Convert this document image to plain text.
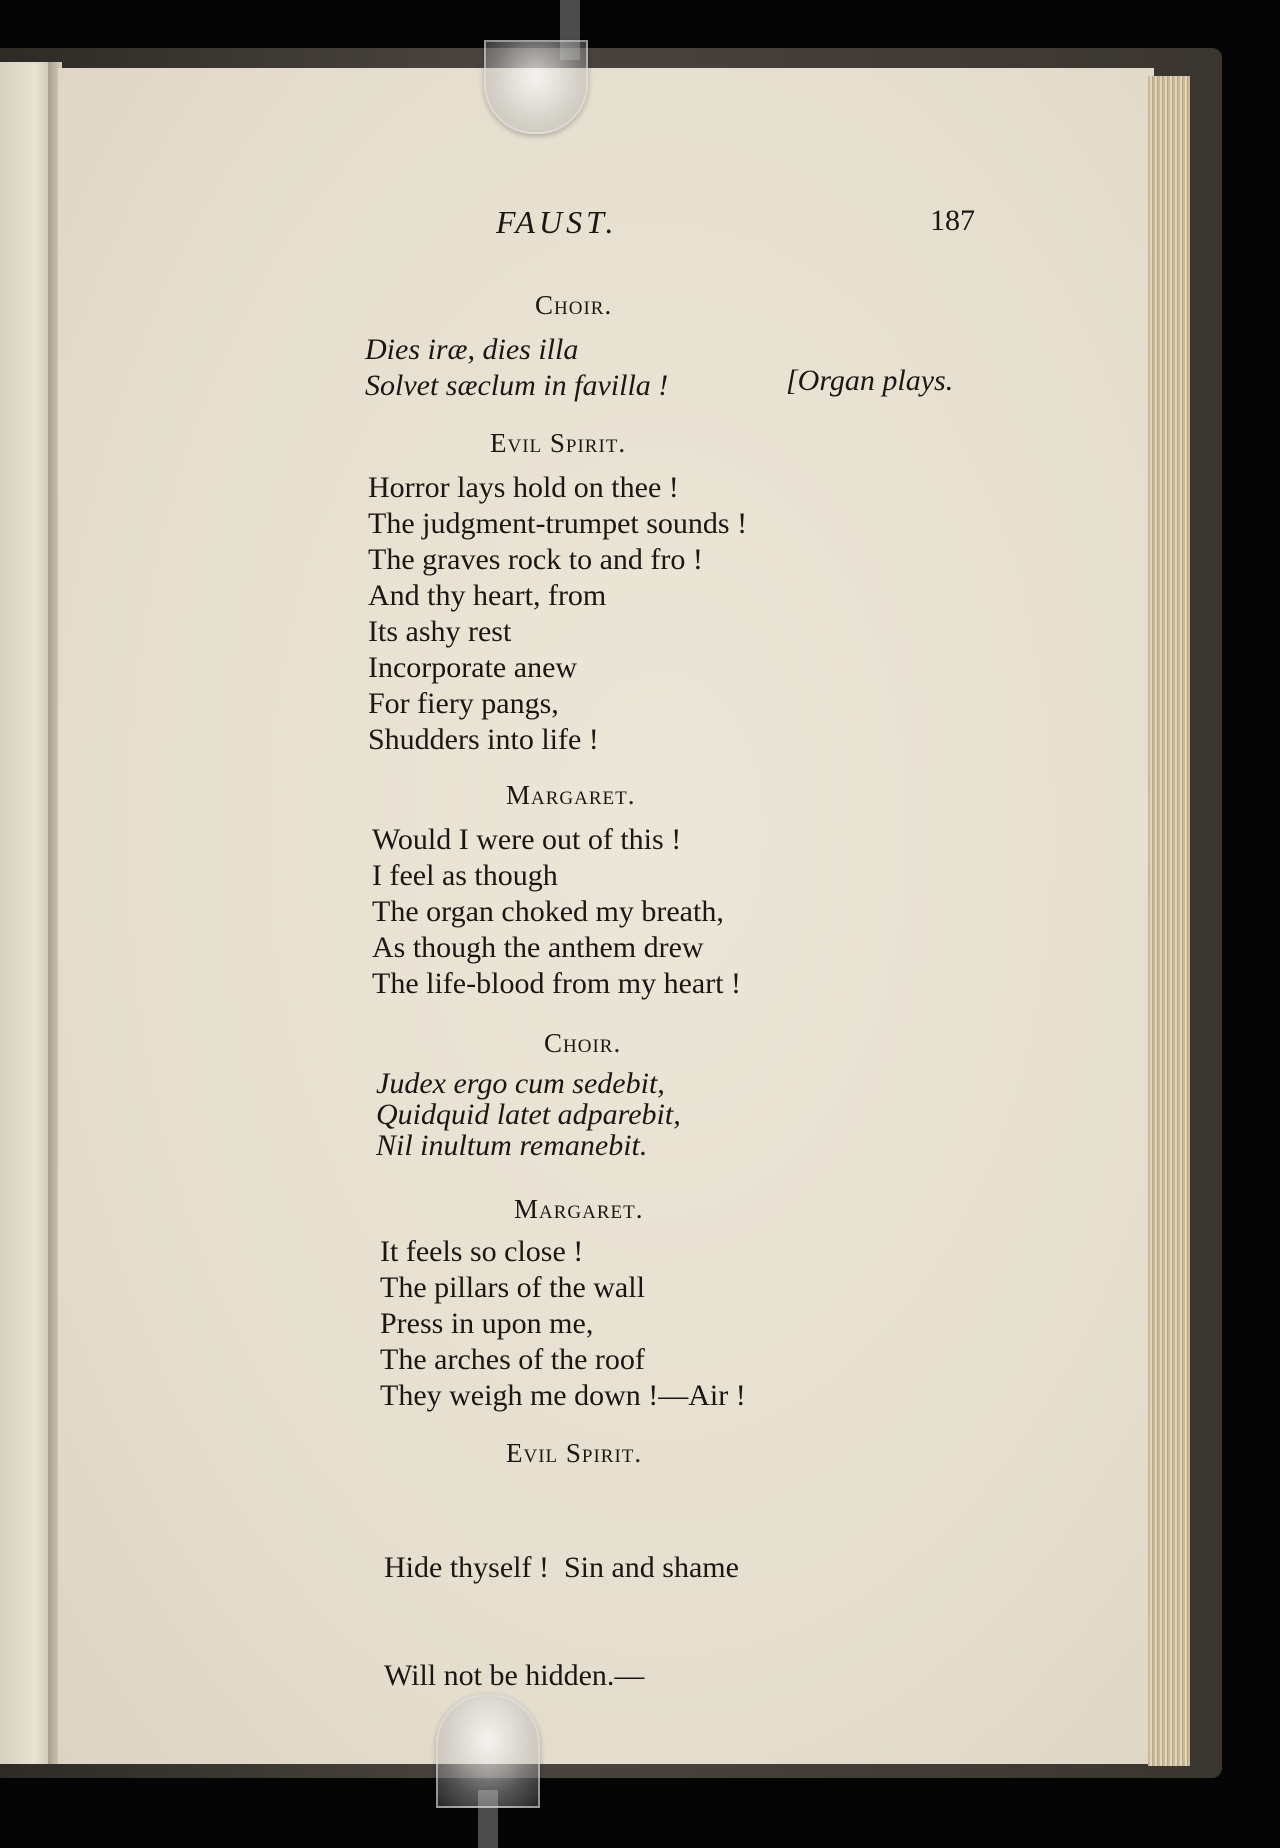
FAUST.	187
Choir.
Dies iræ, dies illa
Solvet sæclum in favilla !	[Organ plays.
Evil Spirit.
Horror lays hold on thee !
The judgment-trumpet sounds !
The graves rock to and fro !
And thy heart, from
Its ashy rest
Incorporate anew
For fiery pangs,
Shudders into life !
Margaret.
Would I were out of this !
I feel as though
The organ choked my breath,
As though the anthem drew
The life-blood from my heart !
Choir.
Judex ergo cum sedebit,
Quidquid latet adparebit,
Nil inultum remanebit.
Margaret.
It feels so close !
The pillars of the wall
Press in upon me,
The arches of the roof
They weigh me down !—Air !
Evil Spirit.

Hide thyself !  Sin and shame

Will not be hidden.—
